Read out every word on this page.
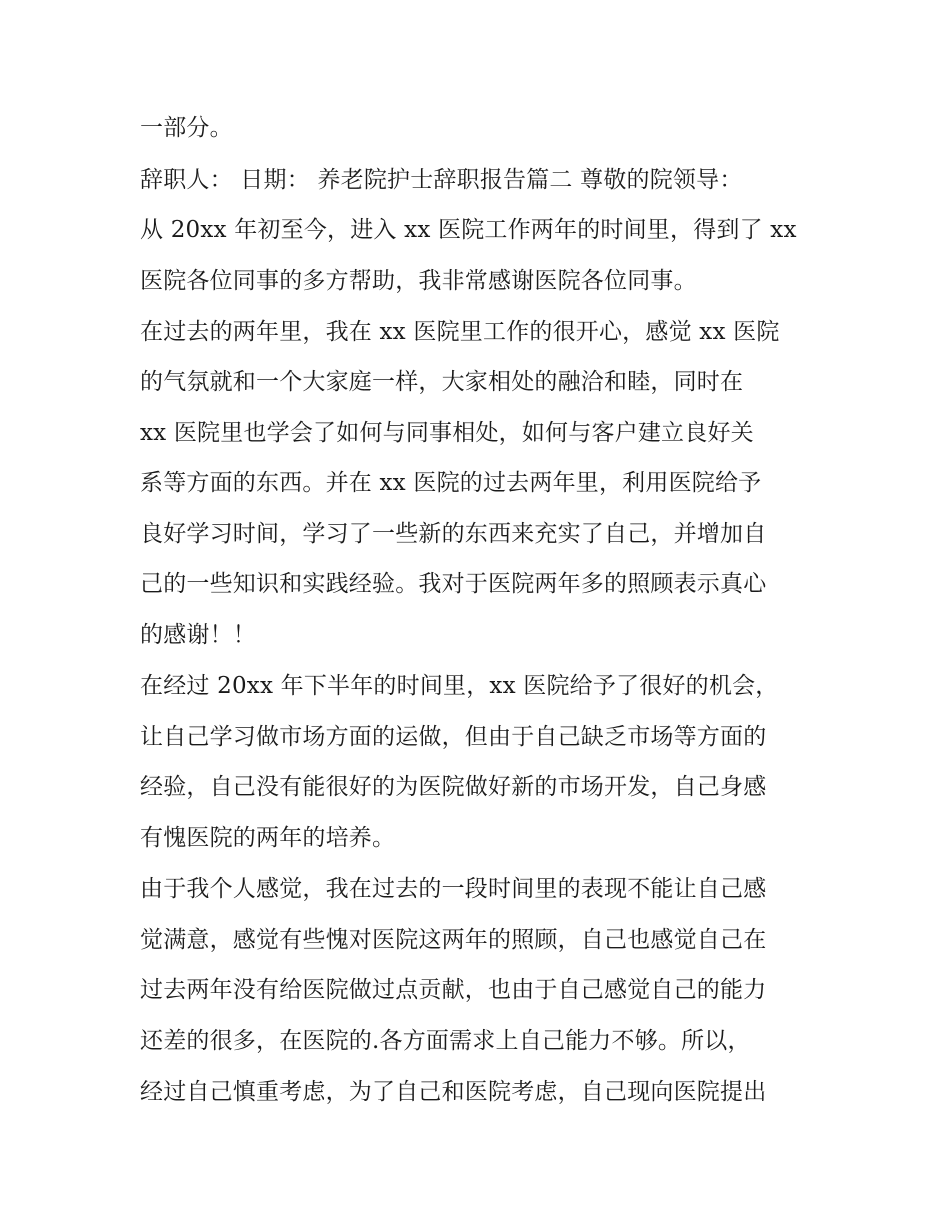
一部分。
辞职人： 日期： 养老院护士辞职报告篇二 尊敬的院领导：
从 20xx 年初至今，进入 xx 医院工作两年的时间里，得到了 xx
医院各位同事的多方帮助，我非常感谢医院各位同事。
在过去的两年里，我在 xx 医院里工作的很开心，感觉 xx 医院
的气氛就和一个大家庭一样，大家相处的融洽和睦，同时在
xx 医院里也学会了如何与同事相处，如何与客户建立良好关
系等方面的东西。并在 xx 医院的过去两年里，利用医院给予
良好学习时间，学习了一些新的东西来充实了自己，并增加自
己的一些知识和实践经验。我对于医院两年多的照顾表示真心
的感谢！！
在经过 20xx 年下半年的时间里，xx 医院给予了很好的机会，
让自己学习做市场方面的运做，但由于自己缺乏市场等方面的
经验，自己没有能很好的为医院做好新的市场开发，自己身感
有愧医院的两年的培养。
由于我个人感觉，我在过去的一段时间里的表现不能让自己感
觉满意，感觉有些愧对医院这两年的照顾，自己也感觉自己在
过去两年没有给医院做过点贡献，也由于自己感觉自己的能力
还差的很多，在医院的.各方面需求上自己能力不够。所以，
经过自己慎重考虑，为了自己和医院考虑，自己现向医院提出
